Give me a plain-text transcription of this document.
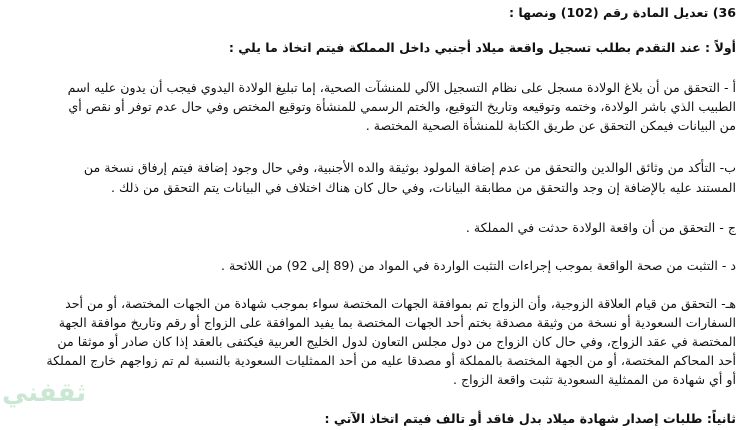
36) تعديل المادة رقم (102) ونصها :
أولاً : عند التقدم بطلب تسجيل واقعة ميلاد أجنبي داخل المملكة فيتم اتخاذ ما يلي :
أ - التحقق من أن بلاغ الولادة مسجل على نظام التسجيل الآلي للمنشآت الصحية، إما تبليغ الولادة اليدوي فيجب أن يدون عليه اسم
الطبيب الذي باشر الولادة، وختمه وتوقيعه وتاريخ التوقيع، والختم الرسمي للمنشأة وتوقيع المختص وفي حال عدم توفر أو نقص أي
من البيانات فيمكن التحقق عن طريق الكتابة للمنشأة الصحية المختصة .
ب- التأكد من وثائق الوالدين والتحقق من عدم إضافة المولود بوثيقة والده الأجنبية، وفي حال وجود إضافة فيتم إرفاق نسخة من
المستند عليه بالإضافة إن وجد والتحقق من مطابقة البيانات، وفي حال كان هناك اختلاف في البيانات يتم التحقق من ذلك .
ج - التحقق من أن واقعة الولادة حدثت في المملكة .
د - التثبت من صحة الواقعة بموجب إجراءات التثبت الواردة في المواد من (89 إلى 92) من اللائحة .
هـ- التحقق من قيام العلاقة الزوجية، وأن الزواج تم بموافقة الجهات المختصة سواء بموجب شهادة من الجهات المختصة، أو من أحد
السفارات السعودية أو نسخة من وثيقة مصدقة بختم أحد الجهات المختصة بما يفيد الموافقة على الزواج أو رقم وتاريخ موافقة الجهة
المختصة في عقد الزواج، وفي حال كان الزواج من دول مجلس التعاون لدول الخليج العربية فيكتفى بالعقد إذا كان صادر أو موثقا من
أحد المحاكم المختصة، أو من الجهة المختصة بالمملكة أو مصدقا عليه من أحد الممثليات السعودية بالنسبة لم تم زواجهم خارج المملكة
أو أي شهادة من الممثلية السعودية تثبت واقعة الزواج .
ثانياً: طلبات إصدار شهادة ميلاد بدل فاقد أو تالف فيتم اتخاذ الآتي :
ثقفني
